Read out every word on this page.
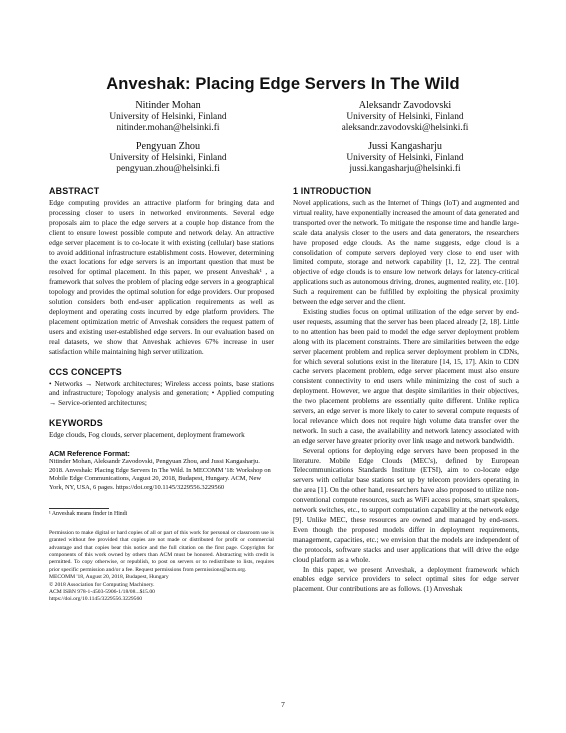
Anveshak: Placing Edge Servers In The Wild
Nitinder Mohan
University of Helsinki, Finland
nitinder.mohan@helsinki.fi
Aleksandr Zavodovski
University of Helsinki, Finland
aleksandr.zavodovski@helsinki.fi
Pengyuan Zhou
University of Helsinki, Finland
pengyuan.zhou@helsinki.fi
Jussi Kangasharju
University of Helsinki, Finland
jussi.kangasharju@helsinki.fi
ABSTRACT

Edge computing provides an attractive platform for bringing data and processing closer to users in networked environments. Several edge proposals aim to place the edge servers at a couple hop distance from the client to ensure lowest possible compute and network delay. An attractive edge server placement is to co-locate it with existing (cellular) base stations to avoid additional infrastructure establishment costs. However, determining the exact locations for edge servers is an important question that must be resolved for optimal placement. In this paper, we present Anveshak¹ , a framework that solves the problem of placing edge servers in a geographical topology and provides the optimal solution for edge providers. Our proposed solution considers both end-user application requirements as well as deployment and operating costs incurred by edge platform providers. The placement optimization metric of Anveshak considers the request pattern of users and existing user-established edge servers. In our evaluation based on real datasets, we show that Anveshak achieves 67% increase in user satisfaction while maintaining high server utilization.

CCS CONCEPTS
• Networks → Network architectures; Wireless access points, base stations and infrastructure; Topology analysis and generation; • Applied computing → Service-oriented architectures;
KEYWORDS

Edge clouds, Fog clouds, server placement, deployment framework

ACM Reference Format:
Nitinder Mohan, Aleksandr Zavodovski, Pengyuan Zhou, and Jussi Kangasharju. 2018. Anveshak: Placing Edge Servers In The Wild. In MECOMM '18: Workshop on Mobile Edge Communications, August 20, 2018, Budapest, Hungary. ACM, New York, NY, USA, 6 pages. https://doi.org/10.1145/3229556.3229560
¹ Anveshak means finder in Hindi
Permission to make digital or hard copies of all or part of this work for personal or classroom use is granted without fee provided that copies are not made or distributed for profit or commercial advantage and that copies bear this notice and the full citation on the first page. Copyrights for components of this work owned by others than ACM must be honored. Abstracting with credit is permitted. To copy otherwise, or republish, to post on servers or to redistribute to lists, requires prior specific permission and/or a fee. Request permissions from permissions@acm.org.
MECOMM '18, August 20, 2018, Budapest, Hungary
© 2018 Association for Computing Machinery.
ACM ISBN 978-1-4503-5906-1/18/08...$15.00
https://doi.org/10.1145/3229556.3229560
1 INTRODUCTION

Novel applications, such as the Internet of Things (IoT) and augmented and virtual reality, have exponentially increased the amount of data generated and transported over the network. To mitigate the response time and handle large-scale data analysis closer to the users and data generators, the researchers have proposed edge clouds. As the name suggests, edge cloud is a consolidation of compute servers deployed very close to end user with limited compute, storage and network capability [1, 12, 22]. The central objective of edge clouds is to ensure low network delays for latency-critical applications such as autonomous driving, drones, augmented reality, etc. [10]. Such a requirement can be fulfilled by exploiting the physical proximity between the edge server and the client.

Existing studies focus on optimal utilization of the edge server by end-user requests, assuming that the server has been placed already [2, 18]. Little to no attention has been paid to model the edge server deployment problem along with its placement constraints. There are similarities between the edge server placement problem and replica server deployment problem in CDNs, for which several solutions exist in the literature [14, 15, 17]. Akin to CDN cache servers placement problem, edge server placement must also ensure consistent connectivity to end users while minimizing the cost of such a deployment. However, we argue that despite similarities in their objectives, the two placement problems are essentially quite different. Unlike replica servers, an edge server is more likely to cater to several compute requests of local relevance which does not require high volume data transfer over the network. In such a case, the availability and network latency associated with an edge server have greater priority over link usage and network bandwidth.

Several options for deploying edge servers have been proposed in the literature. Mobile Edge Clouds (MEC's), defined by European Telecommunications Standards Institute (ETSI), aim to co-locate edge servers with cellular base stations set up by telecom providers operating in the area [1]. On the other hand, researchers have also proposed to utilize non-conventional compute resources, such as WiFi access points, smart speakers, network switches, etc., to support computation capability at the network edge [9]. Unlike MEC, these resources are owned and managed by end-users. Even though the proposed models differ in deployment requirements, management, capacities, etc.; we envision that the models are independent of the protocols, software stacks and user applications that will drive the edge cloud platform as a whole.

In this paper, we present Anveshak, a deployment framework which enables edge service providers to select optimal sites for edge server placement. Our contributions are as follows. (1) Anveshak

7
